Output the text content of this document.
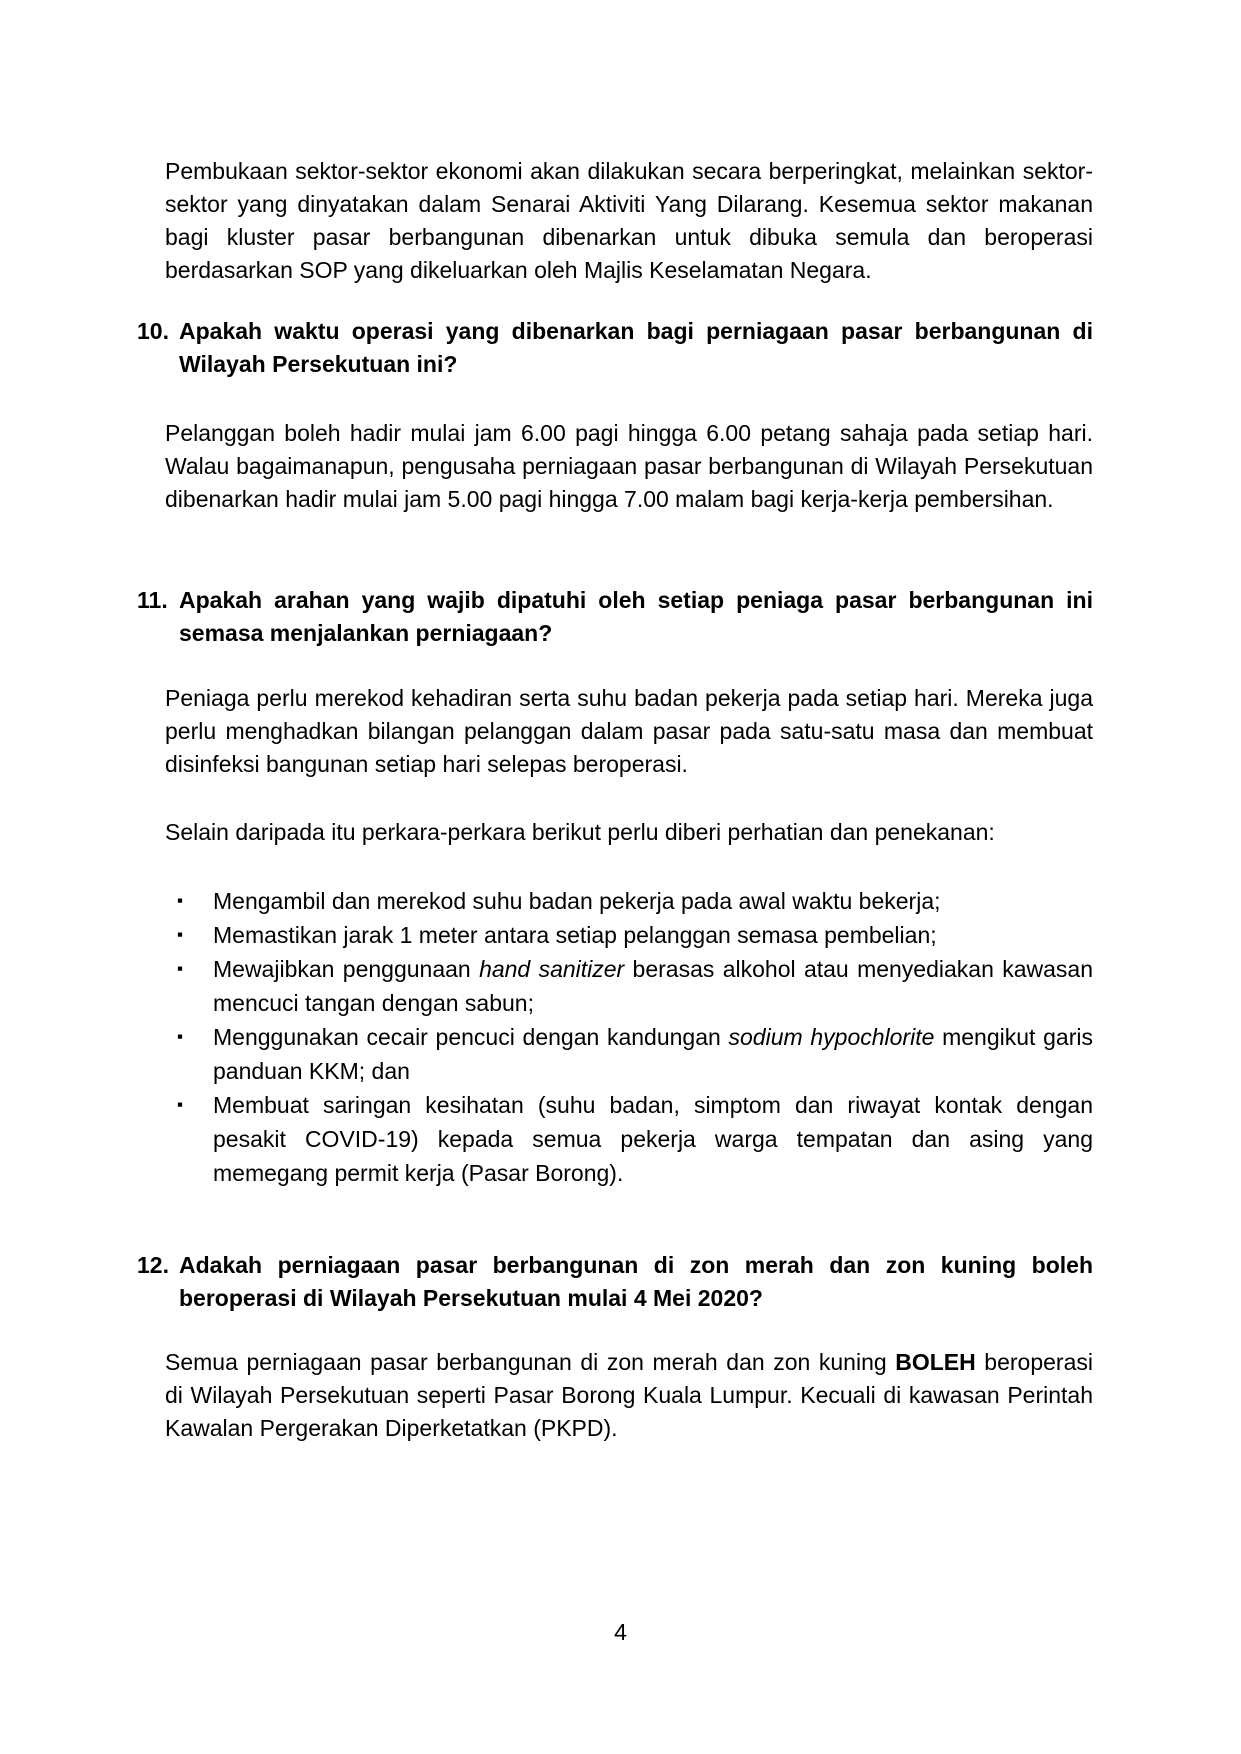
Pembukaan sektor-sektor ekonomi akan dilakukan secara berperingkat, melainkan sektor-sektor yang dinyatakan dalam Senarai Aktiviti Yang Dilarang. Kesemua sektor makanan bagi kluster pasar berbangunan dibenarkan untuk dibuka semula dan beroperasi berdasarkan SOP yang dikeluarkan oleh Majlis Keselamatan Negara.

10. Apakah waktu operasi yang dibenarkan bagi perniagaan pasar berbangunan di Wilayah Persekutuan ini?

Pelanggan boleh hadir mulai jam 6.00 pagi hingga 6.00 petang sahaja pada setiap hari. Walau bagaimanapun, pengusaha perniagaan pasar berbangunan di Wilayah Persekutuan dibenarkan hadir mulai jam 5.00 pagi hingga 7.00 malam bagi kerja-kerja pembersihan.

11. Apakah arahan yang wajib dipatuhi oleh setiap peniaga pasar berbangunan ini semasa menjalankan perniagaan?

Peniaga perlu merekod kehadiran serta suhu badan pekerja pada setiap hari. Mereka juga perlu menghadkan bilangan pelanggan dalam pasar pada satu-satu masa dan membuat disinfeksi bangunan setiap hari selepas beroperasi.

Selain daripada itu perkara-perkara berikut perlu diberi perhatian dan penekanan:

▪	Mengambil dan merekod suhu badan pekerja pada awal waktu bekerja;
▪	Memastikan jarak 1 meter antara setiap pelanggan semasa pembelian;
▪	Mewajibkan penggunaan hand sanitizer berasas alkohol atau menyediakan kawasan mencuci tangan dengan sabun;
▪	Menggunakan cecair pencuci dengan kandungan sodium hypochlorite mengikut garis panduan KKM; dan
▪	Membuat saringan kesihatan (suhu badan, simptom dan riwayat kontak dengan pesakit COVID-19) kepada semua pekerja warga tempatan dan asing yang memegang permit kerja (Pasar Borong).
12. Adakah perniagaan pasar berbangunan di zon merah dan zon kuning boleh beroperasi di Wilayah Persekutuan mulai 4 Mei 2020?

Semua perniagaan pasar berbangunan di zon merah dan zon kuning BOLEH beroperasi di Wilayah Persekutuan seperti Pasar Borong Kuala Lumpur. Kecuali di kawasan Perintah Kawalan Pergerakan Diperketatkan (PKPD).

4
